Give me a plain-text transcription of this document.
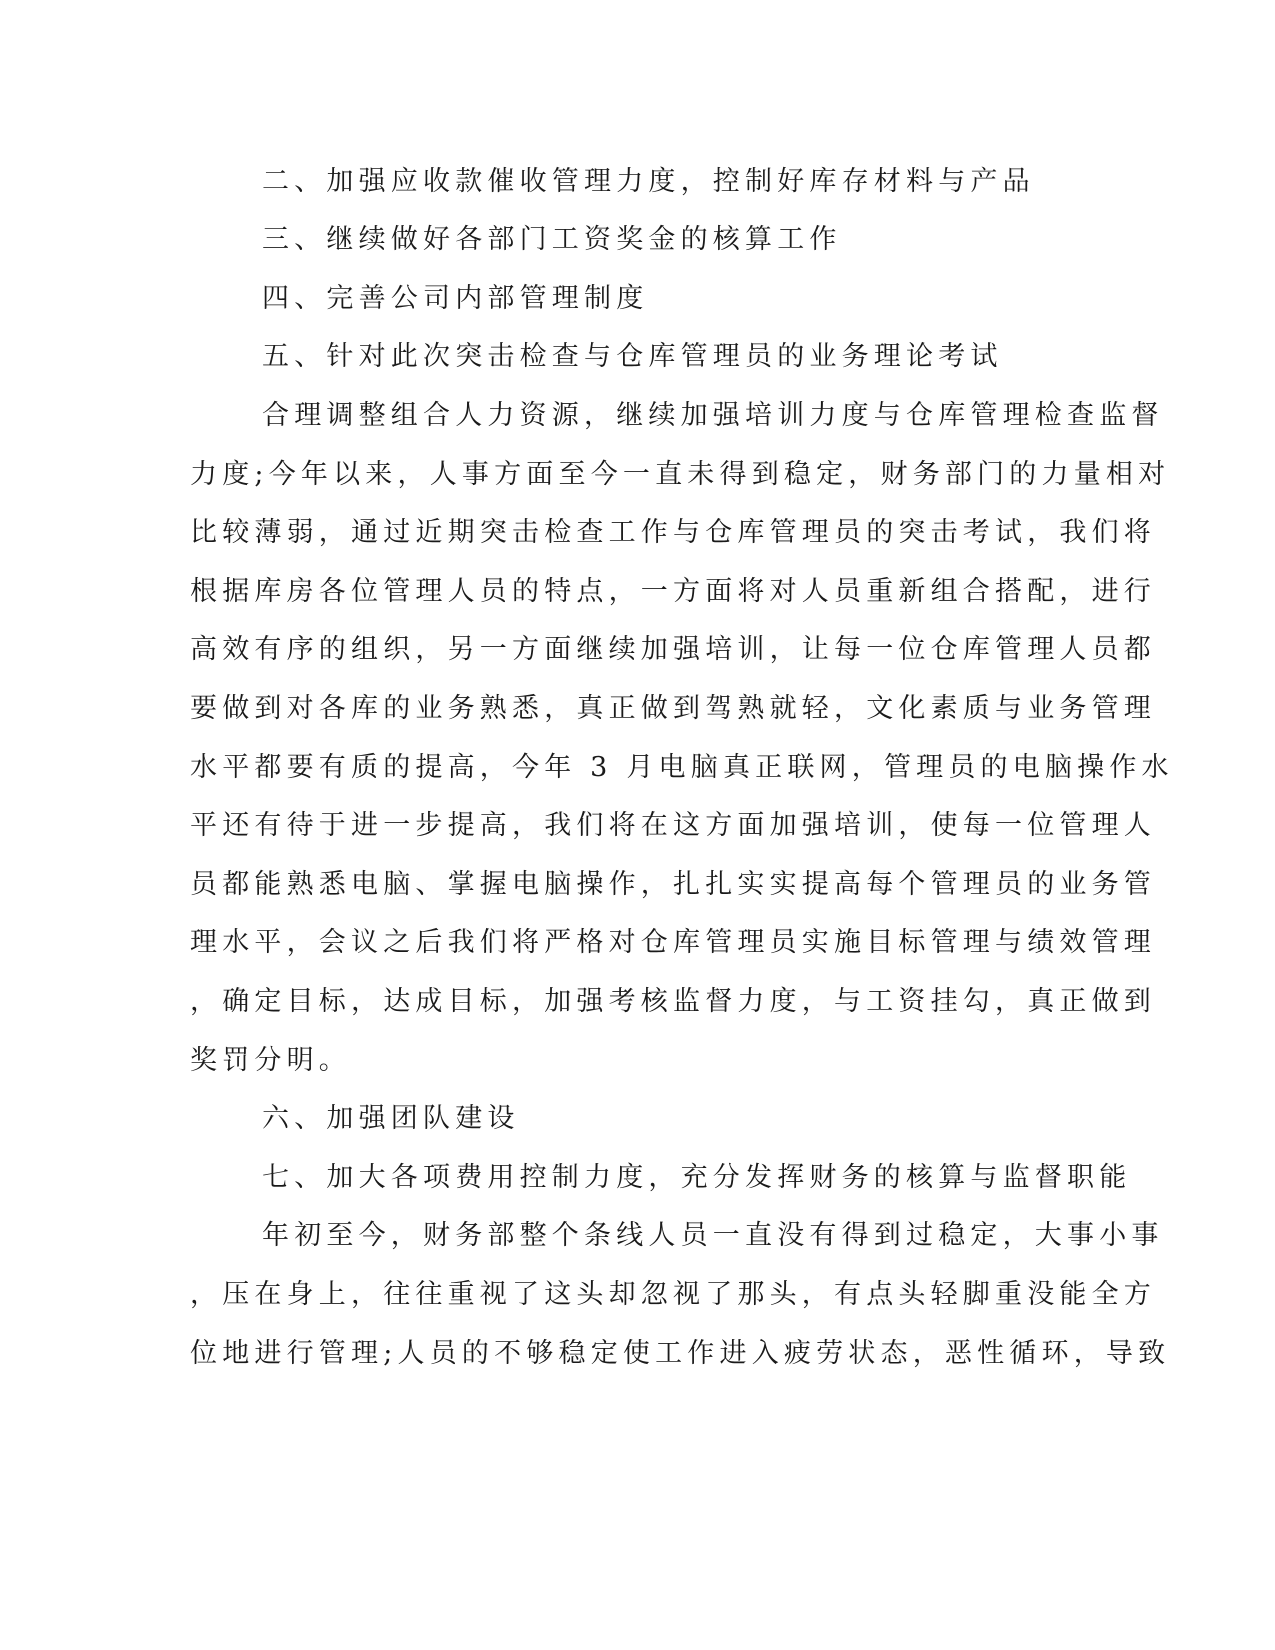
二、加强应收款催收管理力度，控制好库存材料与产品
三、继续做好各部门工资奖金的核算工作
四、完善公司内部管理制度
五、针对此次突击检查与仓库管理员的业务理论考试
合理调整组合人力资源，继续加强培训力度与仓库管理检查监督
力度;今年以来，人事方面至今一直未得到稳定，财务部门的力量相对
比较薄弱，通过近期突击检查工作与仓库管理员的突击考试，我们将
根据库房各位管理人员的特点，一方面将对人员重新组合搭配，进行
高效有序的组织，另一方面继续加强培训，让每一位仓库管理人员都
要做到对各库的业务熟悉，真正做到驾熟就轻，文化素质与业务管理
水平都要有质的提高，今年 3 月电脑真正联网，管理员的电脑操作水
平还有待于进一步提高，我们将在这方面加强培训，使每一位管理人
员都能熟悉电脑、掌握电脑操作，扎扎实实提高每个管理员的业务管
理水平，会议之后我们将严格对仓库管理员实施目标管理与绩效管理
，确定目标，达成目标，加强考核监督力度，与工资挂勾，真正做到
奖罚分明。
六、加强团队建设
七、加大各项费用控制力度，充分发挥财务的核算与监督职能
年初至今，财务部整个条线人员一直没有得到过稳定，大事小事
，压在身上，往往重视了这头却忽视了那头，有点头轻脚重没能全方
位地进行管理;人员的不够稳定使工作进入疲劳状态，恶性循环，导致
